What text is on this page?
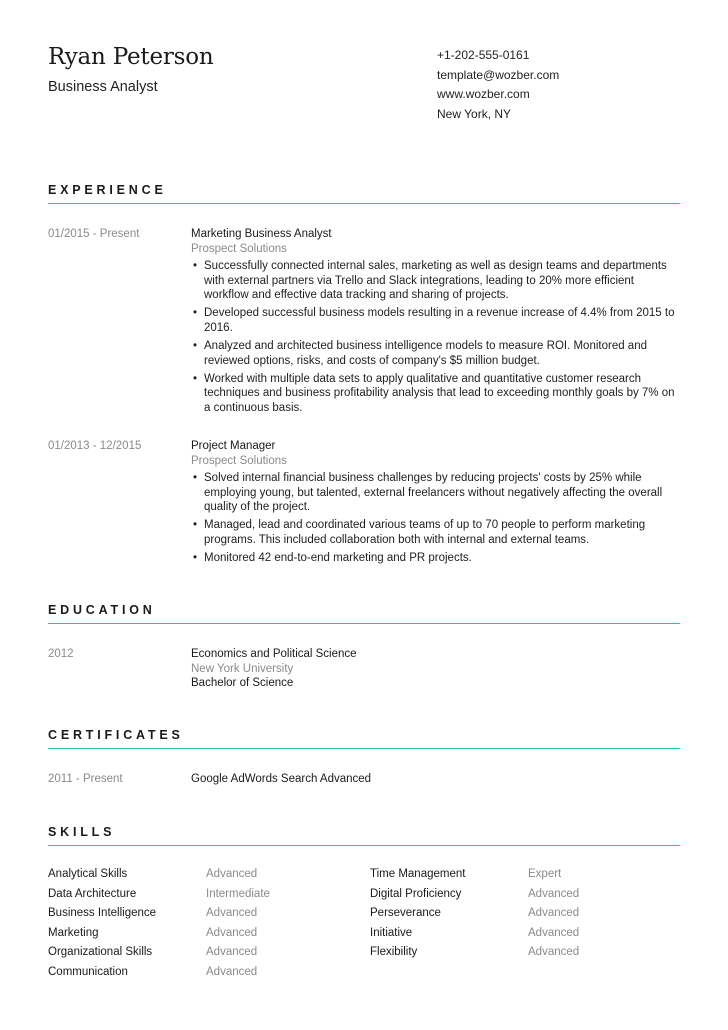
Ryan Peterson
Business Analyst
+1-202-555-0161
template@wozber.com
www.wozber.com
New York, NY
EXPERIENCE
01/2015 - Present	Marketing Business Analyst
Prospect Solutions
• Successfully connected internal sales, marketing as well as design teams and departments with external partners via Trello and Slack integrations, leading to 20% more efficient workflow and effective data tracking and sharing of projects.
• Developed successful business models resulting in a revenue increase of 4.4% from 2015 to 2016.
• Analyzed and architected business intelligence models to measure ROI. Monitored and reviewed options, risks, and costs of company's $5 million budget.
• Worked with multiple data sets to apply qualitative and quantitative customer research techniques and business profitability analysis that lead to exceeding monthly goals by 7% on a continuous basis.
01/2013 - 12/2015	Project Manager
Prospect Solutions
• Solved internal financial business challenges by reducing projects' costs by 25% while employing young, but talented, external freelancers without negatively affecting the overall quality of the project.
• Managed, lead and coordinated various teams of up to 70 people to perform marketing programs. This included collaboration both with internal and external teams.
• Monitored 42 end-to-end marketing and PR projects.
EDUCATION
2012	Economics and Political Science
New York University
Bachelor of Science
CERTIFICATES
2011 - Present	Google AdWords Search Advanced
SKILLS
Analytical Skills	Advanced
Data Architecture	Intermediate
Business Intelligence	Advanced
Marketing	Advanced
Organizational Skills	Advanced
Communication	Advanced
Time Management	Expert
Digital Proficiency	Advanced
Perseverance	Advanced
Initiative	Advanced
Flexibility	Advanced
